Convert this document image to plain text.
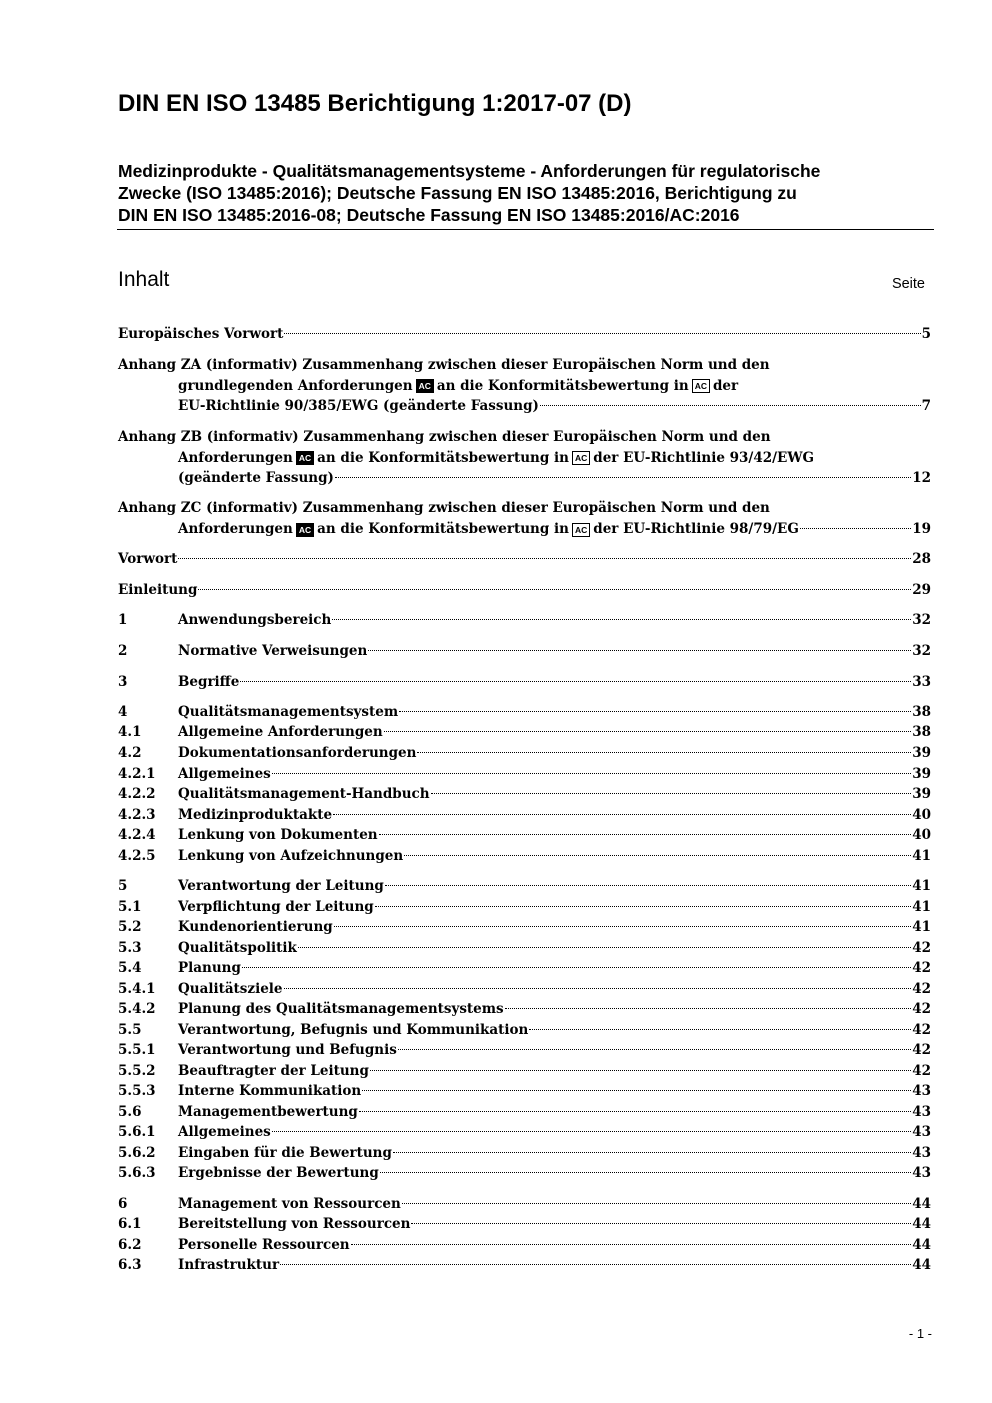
DIN EN ISO 13485 Berichtigung 1:2017-07 (D)
Medizinprodukte - Qualitätsmanagementsysteme - Anforderungen für regulatorische
Zwecke (ISO 13485:2016); Deutsche Fassung EN ISO 13485:2016, Berichtigung zu
DIN EN ISO 13485:2016-08; Deutsche Fassung EN ISO 13485:2016/AC:2016
Inhalt	Seite
Europäisches Vorwort	5
Anhang ZA (informativ) Zusammenhang zwischen dieser Europäischen Norm und den
grundlegenden Anforderungen AC an die Konformitätsbewertung in AC der
EU-Richtlinie 90/385/EWG (geänderte Fassung)	7
Anhang ZB (informativ) Zusammenhang zwischen dieser Europäischen Norm und den
Anforderungen AC an die Konformitätsbewertung in AC der EU-Richtlinie 93/42/EWG
(geänderte Fassung)	12
Anhang ZC (informativ) Zusammenhang zwischen dieser Europäischen Norm und den
Anforderungen AC an die Konformitätsbewertung in AC der EU-Richtlinie 98/79/EG	19
Vorwort	28
Einleitung	29
1	Anwendungsbereich	32
2	Normative Verweisungen	32
3	Begriffe	33
4	Qualitätsmanagementsystem	38
4.1	Allgemeine Anforderungen	38
4.2	Dokumentationsanforderungen	39
4.2.1 Allgemeines	39
4.2.2 Qualitätsmanagement-Handbuch	39
4.2.3 Medizinproduktakte	40
4.2.4 Lenkung von Dokumenten	40
4.2.5 Lenkung von Aufzeichnungen	41
5	Verantwortung der Leitung	41
5.1	Verpflichtung der Leitung	41
5.2	Kundenorientierung	41
5.3	Qualitätspolitik	42
5.4	Planung	42
5.4.1 Qualitätsziele	42
5.4.2 Planung des Qualitätsmanagementsystems	42
5.5	Verantwortung, Befugnis und Kommunikation	42
5.5.1 Verantwortung und Befugnis	42
5.5.2 Beauftragter der Leitung	42
5.5.3 Interne Kommunikation	43
5.6	Managementbewertung	43
5.6.1 Allgemeines	43
5.6.2 Eingaben für die Bewertung	43
5.6.3 Ergebnisse der Bewertung	43
6	Management von Ressourcen	44
6.1	Bereitstellung von Ressourcen	44
6.2	Personelle Ressourcen	44
6.3	Infrastruktur	44
- 1 -
